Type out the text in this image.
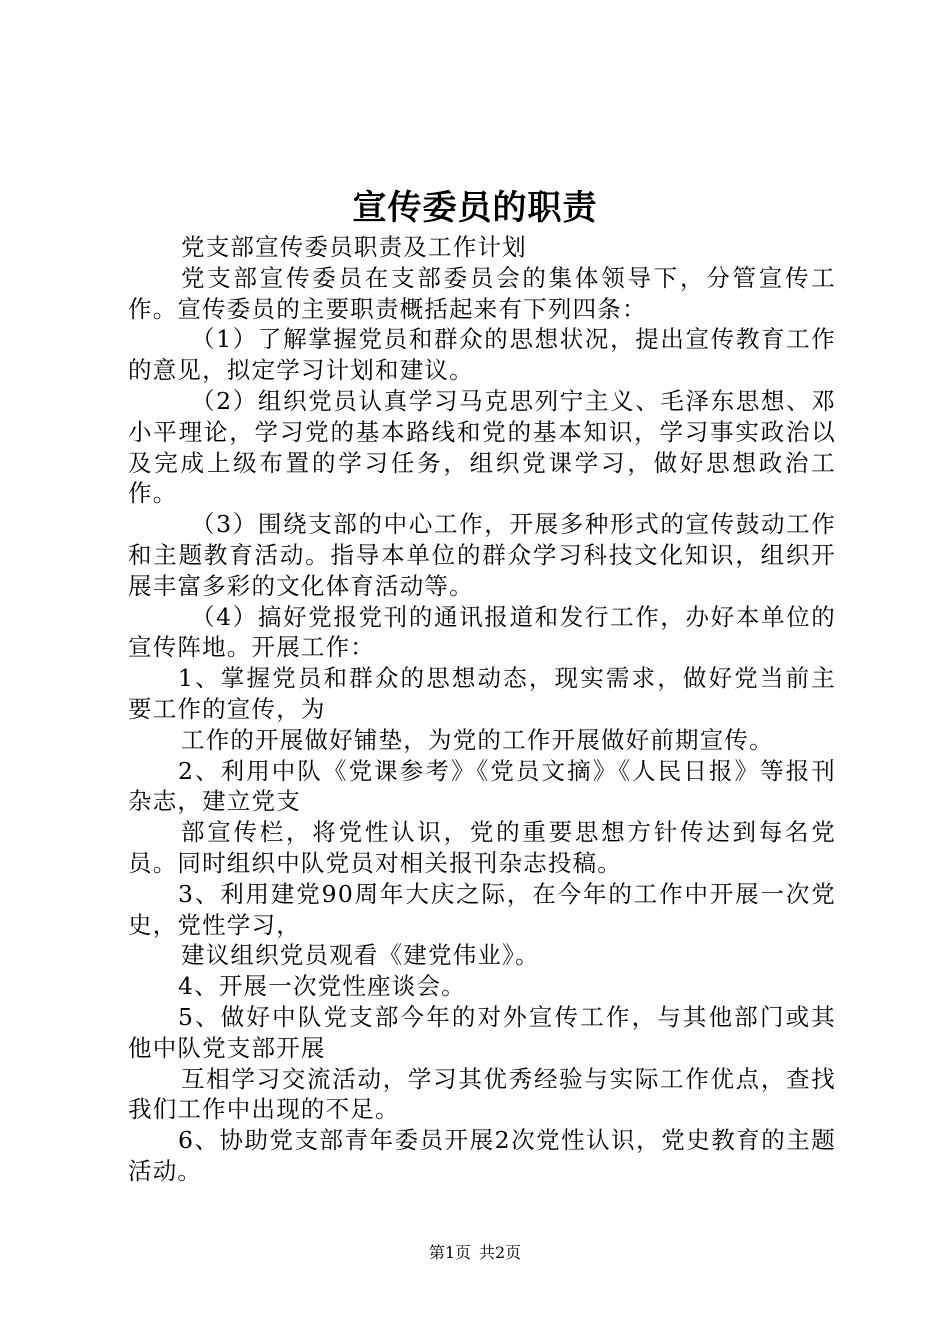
宣传委员的职责

党支部宣传委员职责及工作计划

党支部宣传委员在支部委员会的集体领导下，分管宣传工作。宣传委员的主要职责概括起来有下列四条：

（1）了解掌握党员和群众的思想状况，提出宣传教育工作的意见，拟定学习计划和建议。

（2）组织党员认真学习马克思列宁主义、毛泽东思想、邓小平理论，学习党的基本路线和党的基本知识，学习事实政治以及完成上级布置的学习任务，组织党课学习，做好思想政治工作。

（3）围绕支部的中心工作，开展多种形式的宣传鼓动工作和主题教育活动。指导本单位的群众学习科技文化知识，组织开展丰富多彩的文化体育活动等。

（4）搞好党报党刊的通讯报道和发行工作，办好本单位的宣传阵地。开展工作：

1、掌握党员和群众的思想动态，现实需求，做好党当前主要工作的宣传，为

工作的开展做好铺垫，为党的工作开展做好前期宣传。

2、利用中队《党课参考》《党员文摘》《人民日报》等报刊杂志，建立党支

部宣传栏，将党性认识，党的重要思想方针传达到每名党员。同时组织中队党员对相关报刊杂志投稿。

3、利用建党90周年大庆之际，在今年的工作中开展一次党史，党性学习，

建议组织党员观看《建党伟业》。

4、开展一次党性座谈会。

5、做好中队党支部今年的对外宣传工作，与其他部门或其他中队党支部开展

互相学习交流活动，学习其优秀经验与实际工作优点，查找我们工作中出现的不足。

6、协助党支部青年委员开展2次党性认识，党史教育的主题活动。

第1页 共2页
